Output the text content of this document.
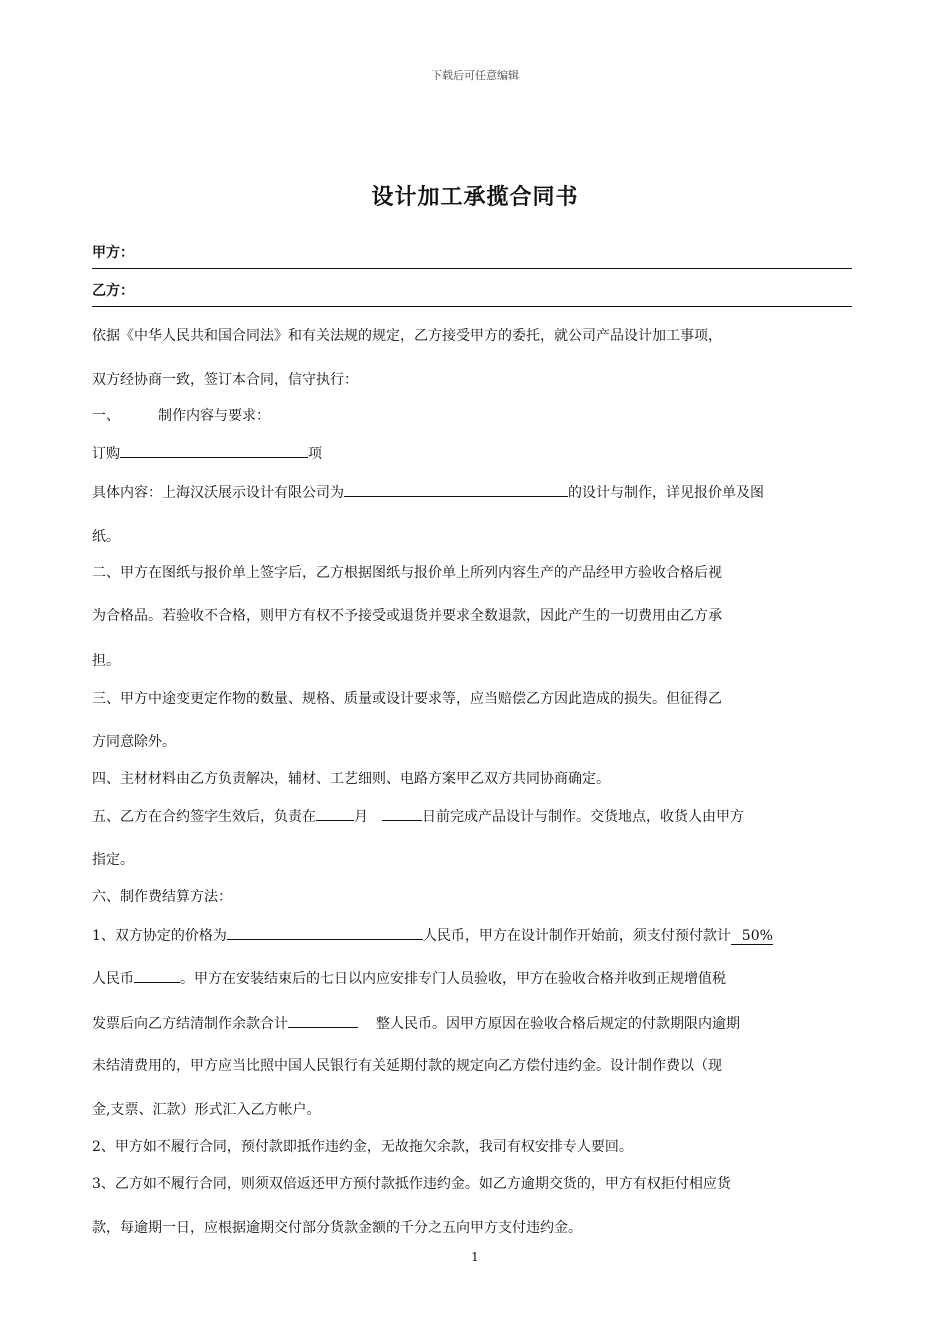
下载后可任意编辑
设计加工承揽合同书
甲方：
乙方：
依据《中华人民共和国合同法》和有关法规的规定，乙方接受甲方的委托，就公司产品设计加工事项，
双方经协商一致，签订本合同，信守执行：
一、	制作内容与要求：
订购	项
具体内容：上海汉沃展示设计有限公司为	的设计与制作，详见报价单及图
纸。
二、甲方在图纸与报价单上签字后，乙方根据图纸与报价单上所列内容生产的产品经甲方验收合格后视
为合格品。若验收不合格，则甲方有权不予接受或退货并要求全数退款，因此产生的一切费用由乙方承
担。
三、甲方中途变更定作物的数量、规格、质量或设计要求等，应当赔偿乙方因此造成的损失。但征得乙
方同意除外。
四、主材材料由乙方负责解决，辅材、工艺细则、电路方案甲乙双方共同协商确定。
五、乙方在合约签字生效后，负责在	月	日前完成产品设计与制作。交货地点，收货人由甲方
指定。
六、制作费结算方法：
1、双方协定的价格为	人民币，甲方在设计制作开始前，须支付预付款计 50%
人民币	。甲方在安装结束后的七日以内应安排专门人员验收，甲方在验收合格并收到正规增值税
发票后向乙方结清制作余款合计	整人民币。因甲方原因在验收合格后规定的付款期限内逾期
未结清费用的，甲方应当比照中国人民银行有关延期付款的规定向乙方偿付违约金。设计制作费以（现
金,支票、汇款）形式汇入乙方帐户。
2、甲方如不履行合同，预付款即抵作违约金，无故拖欠余款，我司有权安排专人要回。
3、乙方如不履行合同，则须双倍返还甲方预付款抵作违约金。如乙方逾期交货的，甲方有权拒付相应货
款，每逾期一日，应根据逾期交付部分货款金额的千分之五向甲方支付违约金。
1
